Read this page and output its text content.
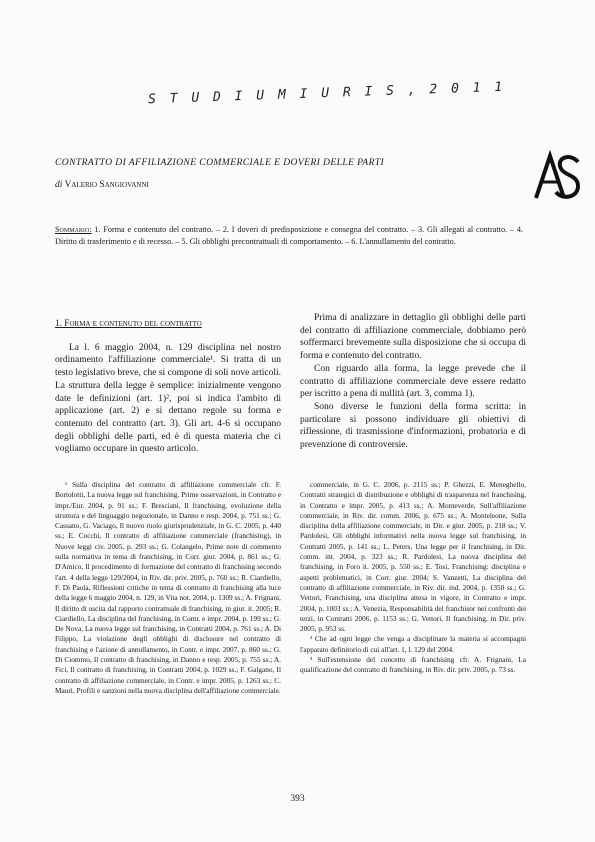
S T U D I U M I U R I S , 2 0 1 1
CONTRATTO DI AFFILIAZIONE COMMERCIALE E DOVERI DELLE PARTI
di Valerio Sangiovanni
Sommario: 1. Forma e contenuto del contratto. – 2. I doveri di predisposizione e consegna del contratto. – 3. Gli allegati al contratto. – 4. Diritto di trasferimento e di recesso. – 5. Gli obblighi precontrattuali di comportamento. – 6. L'annullamento del contratto.
1. Forma e contenuto del contratto

La l. 6 maggio 2004, n. 129 disciplina nel nostro ordinamento l'affiliazione commerciale¹. Si tratta di un testo legislativo breve, che si compone di soli nove articoli. La struttura della legge è semplice: inizialmente vengono date le definizioni (art. 1)², poi si indica l'ambito di applicazione (art. 2) e si dettano regole su forma e contenuto del contratto (art. 3). Gli art. 4-6 si occupano degli obblighi delle parti, ed è di questa materia che ci vogliamo occupare in questo articolo.

Prima di analizzare in dettaglio gli obblighi delle parti del contratto di affiliazione commerciale, dobbiamo però soffermarci brevemente sulla disposizione che si occupa di forma e contenuto del contratto.

Con riguardo alla forma, la legge prevede che il contratto di affiliazione commerciale deve essere redatto per iscritto a pena di nullità (art. 3, comma 1).

Sono diverse le funzioni della forma scritta: in particolare si possono individuare gli obiettivi di riflessione, di trasmissione d'informazioni, probatoria e di prevenzione di controversie.

¹ Sulla disciplina del contratto di affiliazione commerciale cfr. F. Bortolotti, La nuova legge sul franchising. Prime osservazioni, in Contratto e impr./Eur. 2004, p. 91 ss.; F. Bresciani, Il franchising, evoluzione della struttura e del linguaggio negozionale, in Danno e resp. 2004, p. 751 ss.; G. Cassano, G. Vaciago, Il nuovo ruolo giurisprudenziale, in G. C. 2005, p. 440 ss.; E. Cocchi, Il contratto di affiliazione commerciale (franchising), in Nuove leggi civ. 2005, p. 293 ss.; G. Colangelo, Prime note di commento sulla normativa in tema di franchising, in Corr. giur. 2004, p. 861 ss.; G. D'Amico, Il procedimento di formazione del contratto di franchising secondo l'art. 4 della legge 129/2004, in Riv. dir. priv. 2005, p. 760 ss.; R. Ciardiello, F. Di Paola, Riflessioni critiche in tema di contratto di franchising alla luce della legge 6 maggio 2004, n. 129, in Vita not. 2004, p. 1309 ss.; A. Frignani, Il diritto di uscita dal rapporto contrattuale di franchising, in giur. it. 2005; R. Ciardiello, La disciplina del franchising, in Contr. e impr. 2004, p. 199 ss.; G. De Nova, La nuova legge sul franchising, in Contratti 2004, p. 761 ss.; A. Di Filippo, La violazione degli obblighi di disclosure nel contratto di franchising e l'azione di annullamento, in Contr. e impr. 2007, p. 860 ss.; G. Di Ciommo, Il contratto di franchising, in Danno e resp. 2005, p. 755 ss.; A. Fici, Il contratto di franchising, in Contratti 2004, p. 1029 ss.; F. Galgano, Il contratto di affiliazione commerciale, in Contr. e impr. 2005, p. 1263 ss.; C. Mauri, Profili e sanzioni nella nuova disciplina dell'affiliazione commerciale.

commerciale, in G. C. 2006, p. 2115 ss.; P. Ghezzi, E. Meneghello, Contratti strategici di distribuzione e obblighi di trasparenza nel franchising, in Contratto e impr. 2005, p. 413 ss.; A. Monteverde, Sull'affiliazione commerciale, in Riv. dir. comm. 2006, p. 675 ss.; A. Monteleone, Sulla disciplina della affiliazione commerciale, in Dir. e giur. 2005, p. 218 ss.; V. Pardolesi, Gli obblighi informativi nella nuova legge sul franchising, in Contratti 2005, p. 141 ss.; L. Peters, Una legge per il franchising, in Dir. comm. int. 2004, p. 323 ss.; R. Pardolesi, La nuova disciplina del franchising, in Foro it. 2005, p. 550 ss.; E. Tosi, Franchising: disciplina e aspetti problematici, in Corr. giur. 2004; S. Vanzetti, La disciplina del contratto di affiliazione commerciale, in Riv. dir. ind. 2004, p. 1350 ss.; G. Vettori, Franchising, una disciplina attesa in vigore, in Contratto e impr. 2004, p. 1003 ss.; A. Venezia, Responsabilità del franchisor nei confronti dei terzi, in Contratti 2006, p. 1153 ss.; G. Vettori, Il franchising, in Dir. priv. 2005, p. 953 ss.

² Che ad ogni legge che venga a disciplinare la materia si accompagni l'apparato definitorio di cui all'art. 1, l. 129 del 2004.

³ Sull'estensione del concetto di franchising cfr. A. Frignani, La qualificazione del contratto di franchising, in Riv. dir. priv. 2005, p. 73 ss.

393
